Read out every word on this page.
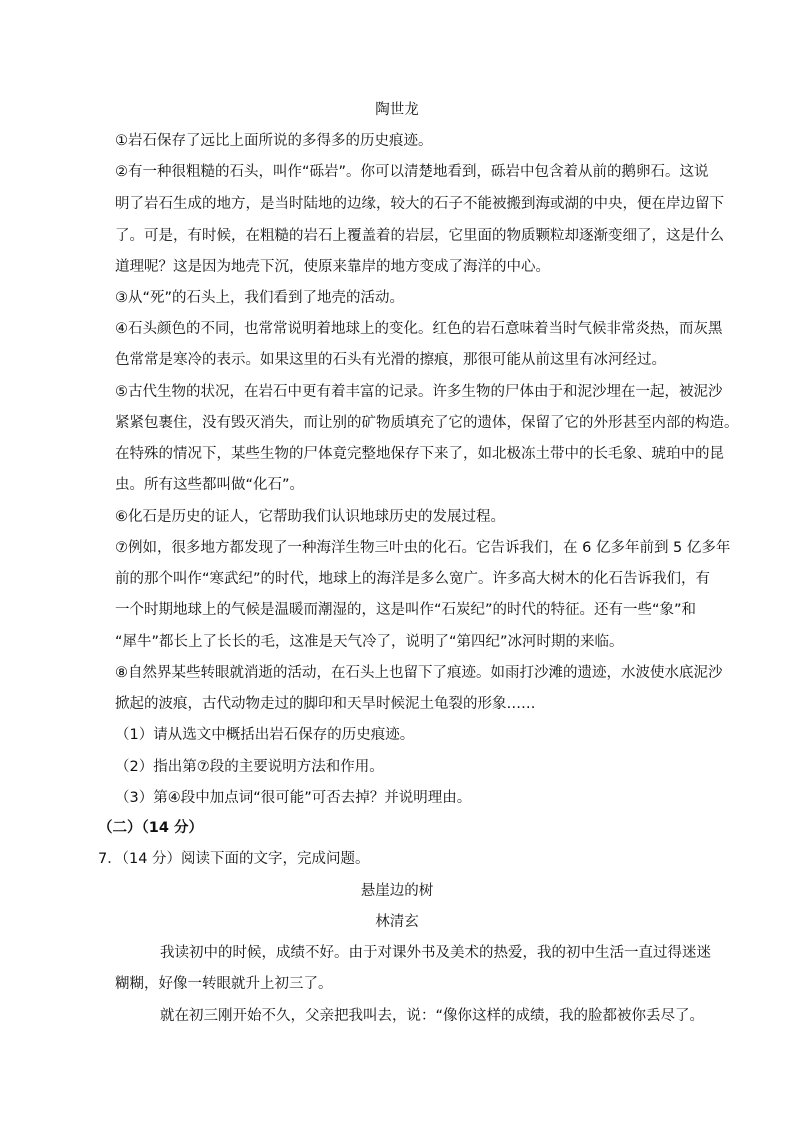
陶世龙
①岩石保存了远比上面所说的多得多的历史痕迹。
②有一种很粗糙的石头，叫作“砾岩”。你可以清楚地看到，砾岩中包含着从前的鹅卵石。这说
明了岩石生成的地方，是当时陆地的边缘，较大的石子不能被搬到海或湖的中央，便在岸边留下
了。可是，有时候，在粗糙的岩石上覆盖着的岩层，它里面的物质颗粒却逐渐变细了，这是什么
道理呢？这是因为地壳下沉，使原来靠岸的地方变成了海洋的中心。
③从“死”的石头上，我们看到了地壳的活动。
④石头颜色的不同，也常常说明着地球上的变化。红色的岩石意味着当时气候非常炎热，而灰黑
色常常是寒冷的表示。如果这里的石头有光滑的擦痕，那很可能从前这里有冰河经过。
⑤古代生物的状况，在岩石中更有着丰富的记录。许多生物的尸体由于和泥沙埋在一起，被泥沙
紧紧包裹住，没有毁灭消失，而让别的矿物质填充了它的遗体，保留了它的外形甚至内部的构造。
在特殊的情况下，某些生物的尸体竟完整地保存下来了，如北极冻土带中的长毛象、琥珀中的昆
虫。所有这些都叫做“化石”。
⑥化石是历史的证人，它帮助我们认识地球历史的发展过程。
⑦例如，很多地方都发现了一种海洋生物三叶虫的化石。它告诉我们，在 6 亿多年前到 5 亿多年
前的那个叫作“寒武纪”的时代，地球上的海洋是多么宽广。许多高大树木的化石告诉我们，有
一个时期地球上的气候是温暖而潮湿的，这是叫作“石炭纪”的时代的特征。还有一些“象”和
“犀牛”都长上了长长的毛，这准是天气冷了，说明了“第四纪”冰河时期的来临。
⑧自然界某些转眼就消逝的活动，在石头上也留下了痕迹。如雨打沙滩的遗迹，水波使水底泥沙
掀起的波痕，古代动物走过的脚印和天旱时候泥土龟裂的形象……
（1）请从选文中概括出岩石保存的历史痕迹。
（2）指出第⑦段的主要说明方法和作用。
（3）第④段中加点词“很可能”可否去掉？并说明理由。
（二）（14 分）
7．（14 分）阅读下面的文字，完成问题。
悬崖边的树
林清玄
我读初中的时候，成绩不好。由于对课外书及美术的热爱，我的初中生活一直过得迷迷
糊糊，好像一转眼就升上初三了。
就在初三刚开始不久，父亲把我叫去，说：“像你这样的成绩，我的脸都被你丢尽了。
